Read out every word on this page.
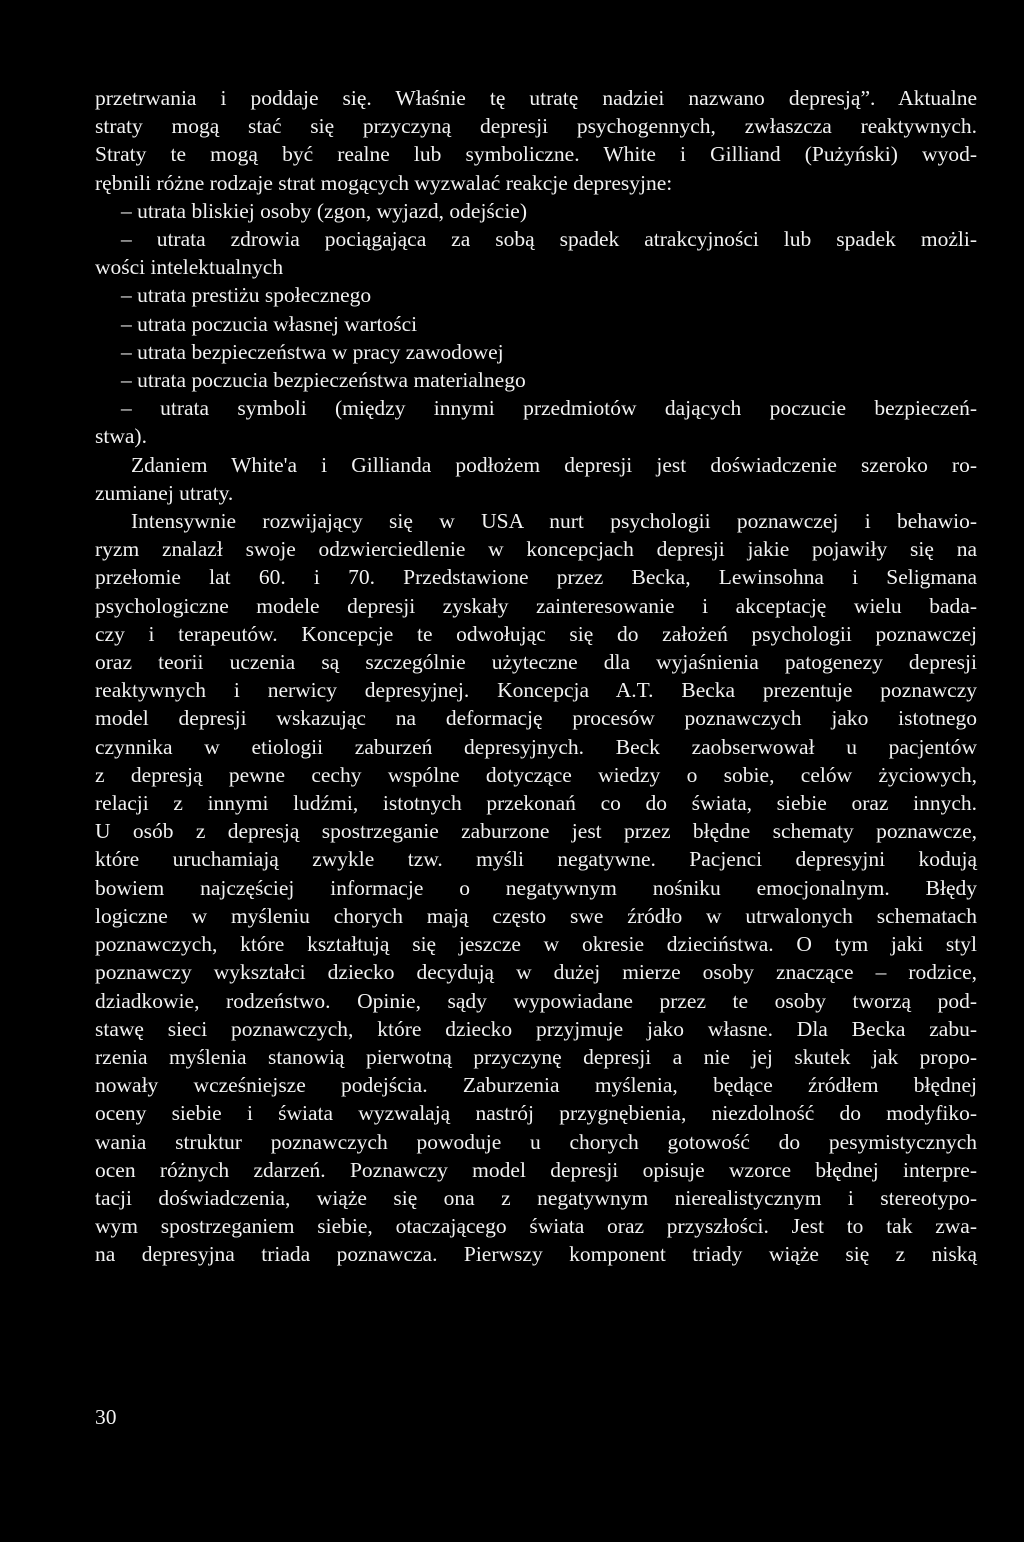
przetrwania i poddaje się. Właśnie tę utratę nadziei nazwano depresją”. Aktualne
straty mogą stać się przyczyną depresji psychogennych, zwłaszcza reaktywnych.
Straty te mogą być realne lub symboliczne. White i Gilliand (Pużyński) wyod-
rębnili różne rodzaje strat mogących wyzwalać reakcje depresyjne:
– utrata bliskiej osoby (zgon, wyjazd, odejście)
– utrata zdrowia pociągająca za sobą spadek atrakcyjności lub spadek możli-
wości intelektualnych
– utrata prestiżu społecznego
– utrata poczucia własnej wartości
– utrata bezpieczeństwa w pracy zawodowej
– utrata poczucia bezpieczeństwa materialnego
– utrata symboli (między innymi przedmiotów dających poczucie bezpieczeń-
stwa).
Zdaniem White'a i Gillianda podłożem depresji jest doświadczenie szeroko ro-
zumianej utraty.
Intensywnie rozwijający się w USA nurt psychologii poznawczej i behawio-
ryzm znalazł swoje odzwierciedlenie w koncepcjach depresji jakie pojawiły się na
przełomie lat 60. i 70. Przedstawione przez Becka, Lewinsohna i Seligmana
psychologiczne modele depresji zyskały zainteresowanie i akceptację wielu bada-
czy i terapeutów. Koncepcje te odwołując się do założeń psychologii poznawczej
oraz teorii uczenia są szczególnie użyteczne dla wyjaśnienia patogenezy depresji
reaktywnych i nerwicy depresyjnej. Koncepcja A.T. Becka prezentuje poznawczy
model depresji wskazując na deformację procesów poznawczych jako istotnego
czynnika w etiologii zaburzeń depresyjnych. Beck zaobserwował u pacjentów
z depresją pewne cechy wspólne dotyczące wiedzy o sobie, celów życiowych,
relacji z innymi ludźmi, istotnych przekonań co do świata, siebie oraz innych.
U osób z depresją spostrzeganie zaburzone jest przez błędne schematy poznawcze,
które uruchamiają zwykle tzw. myśli negatywne. Pacjenci depresyjni kodują
bowiem najczęściej informacje o negatywnym nośniku emocjonalnym. Błędy
logiczne w myśleniu chorych mają często swe źródło w utrwalonych schematach
poznawczych, które kształtują się jeszcze w okresie dzieciństwa. O tym jaki styl
poznawczy wykształci dziecko decydują w dużej mierze osoby znaczące – rodzice,
dziadkowie, rodzeństwo. Opinie, sądy wypowiadane przez te osoby tworzą pod-
stawę sieci poznawczych, które dziecko przyjmuje jako własne. Dla Becka zabu-
rzenia myślenia stanowią pierwotną przyczynę depresji a nie jej skutek jak propo-
nowały wcześniejsze podejścia. Zaburzenia myślenia, będące źródłem błędnej
oceny siebie i świata wyzwalają nastrój przygnębienia, niezdolność do modyfiko-
wania struktur poznawczych powoduje u chorych gotowość do pesymistycznych
ocen różnych zdarzeń. Poznawczy model depresji opisuje wzorce błędnej interpre-
tacji doświadczenia, wiąże się ona z negatywnym nierealistycznym i stereotypo-
wym spostrzeganiem siebie, otaczającego świata oraz przyszłości. Jest to tak zwa-
na depresyjna triada poznawcza. Pierwszy komponent triady wiąże się z niską
30
